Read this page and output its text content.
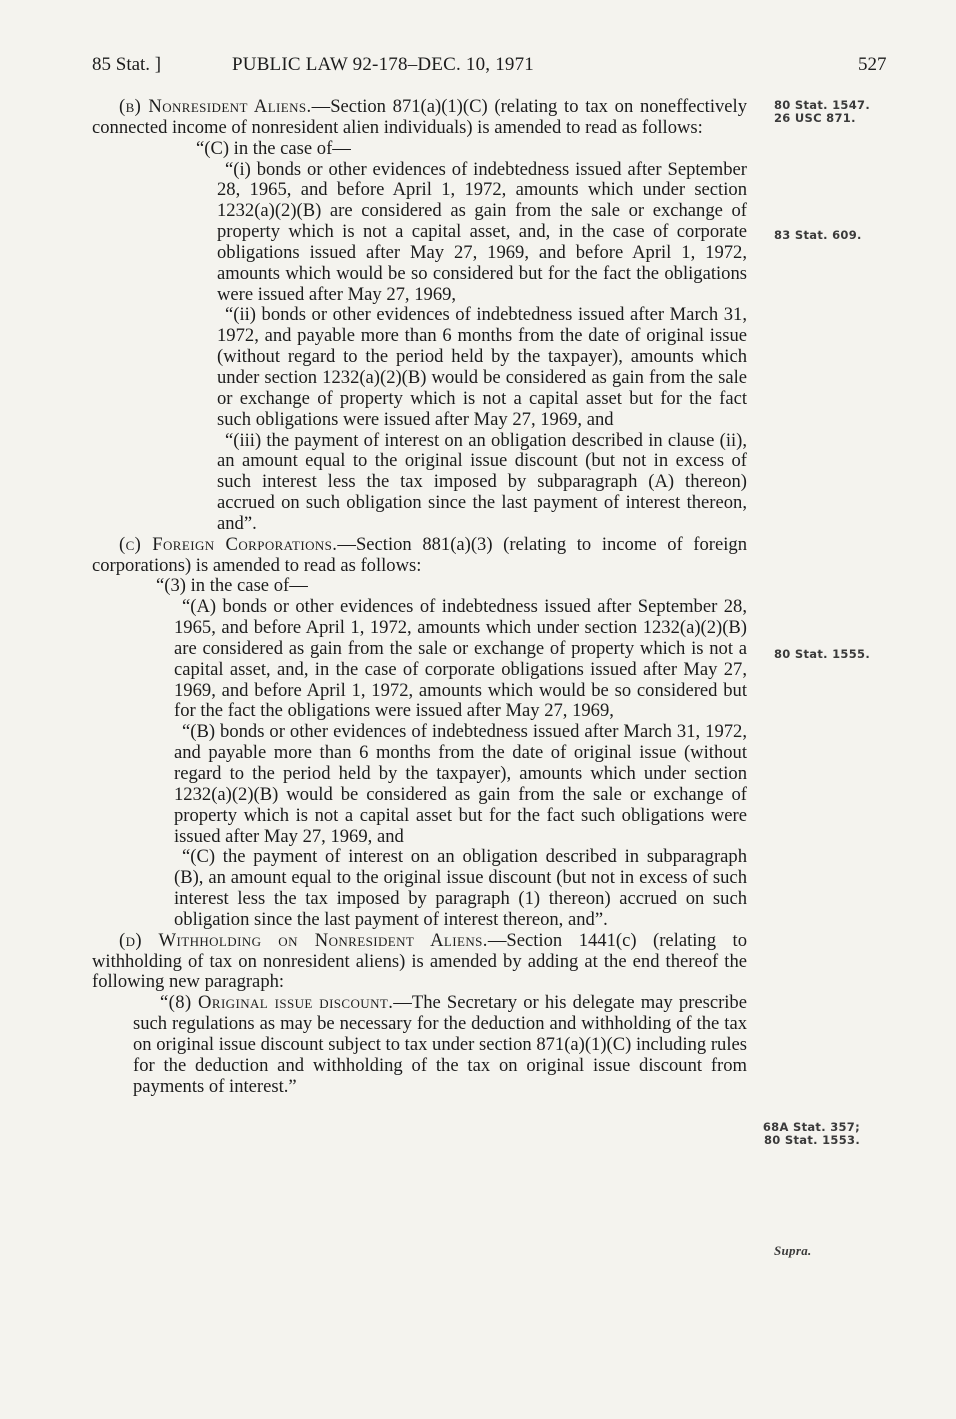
85 Stat. ]	PUBLIC LAW 92-178–DEC. 10, 1971	527

(b) Nonresident Aliens.—Section 871(a)(1)(C) (relating to tax on noneffectively connected income of nonresident alien individuals) is amended to read as follows:

“(C) in the case of—

“(i) bonds or other evidences of indebtedness issued after September 28, 1965, and before April 1, 1972, amounts which under section 1232(a)(2)(B) are considered as gain from the sale or exchange of property which is not a capital asset, and, in the case of corporate obligations issued after May 27, 1969, and before April 1, 1972, amounts which would be so considered but for the fact the obligations were issued after May 27, 1969,

“(ii) bonds or other evidences of indebtedness issued after March 31, 1972, and payable more than 6 months from the date of original issue (without regard to the period held by the taxpayer), amounts which under section 1232(a)(2)(B) would be considered as gain from the sale or exchange of property which is not a capital asset but for the fact such obligations were issued after May 27, 1969, and

“(iii) the payment of interest on an obligation described in clause (ii), an amount equal to the original issue discount (but not in excess of such interest less the tax imposed by subparagraph (A) thereon) accrued on such obligation since the last payment of interest thereon, and”.

(c) Foreign Corporations.—Section 881(a)(3) (relating to income of foreign corporations) is amended to read as follows:

“(3) in the case of—

“(A) bonds or other evidences of indebtedness issued after September 28, 1965, and before April 1, 1972, amounts which under section 1232(a)(2)(B) are considered as gain from the sale or exchange of property which is not a capital asset, and, in the case of corporate obligations issued after May 27, 1969, and before April 1, 1972, amounts which would be so considered but for the fact the obligations were issued after May 27, 1969,

“(B) bonds or other evidences of indebtedness issued after March 31, 1972, and payable more than 6 months from the date of original issue (without regard to the period held by the taxpayer), amounts which under section 1232(a)(2)(B) would be considered as gain from the sale or exchange of property which is not a capital asset but for the fact such obligations were issued after May 27, 1969, and

“(C) the payment of interest on an obligation described in subparagraph (B), an amount equal to the original issue discount (but not in excess of such interest less the tax imposed by paragraph (1) thereon) accrued on such obligation since the last payment of interest thereon, and”.

(d) Withholding on Nonresident Aliens.—Section 1441(c) (relating to withholding of tax on nonresident aliens) is amended by adding at the end thereof the following new paragraph:

“(8) Original issue discount.—The Secretary or his delegate may prescribe such regulations as may be necessary for the deduction and withholding of the tax on original issue discount subject to tax under section 871(a)(1)(C) including rules for the deduction and withholding of the tax on original issue discount from payments of interest.”

80 Stat. 1547.
26 USC 871.
83 Stat. 609.
80 Stat. 1555.
68A Stat. 357;
80 Stat. 1553.
Supra.
